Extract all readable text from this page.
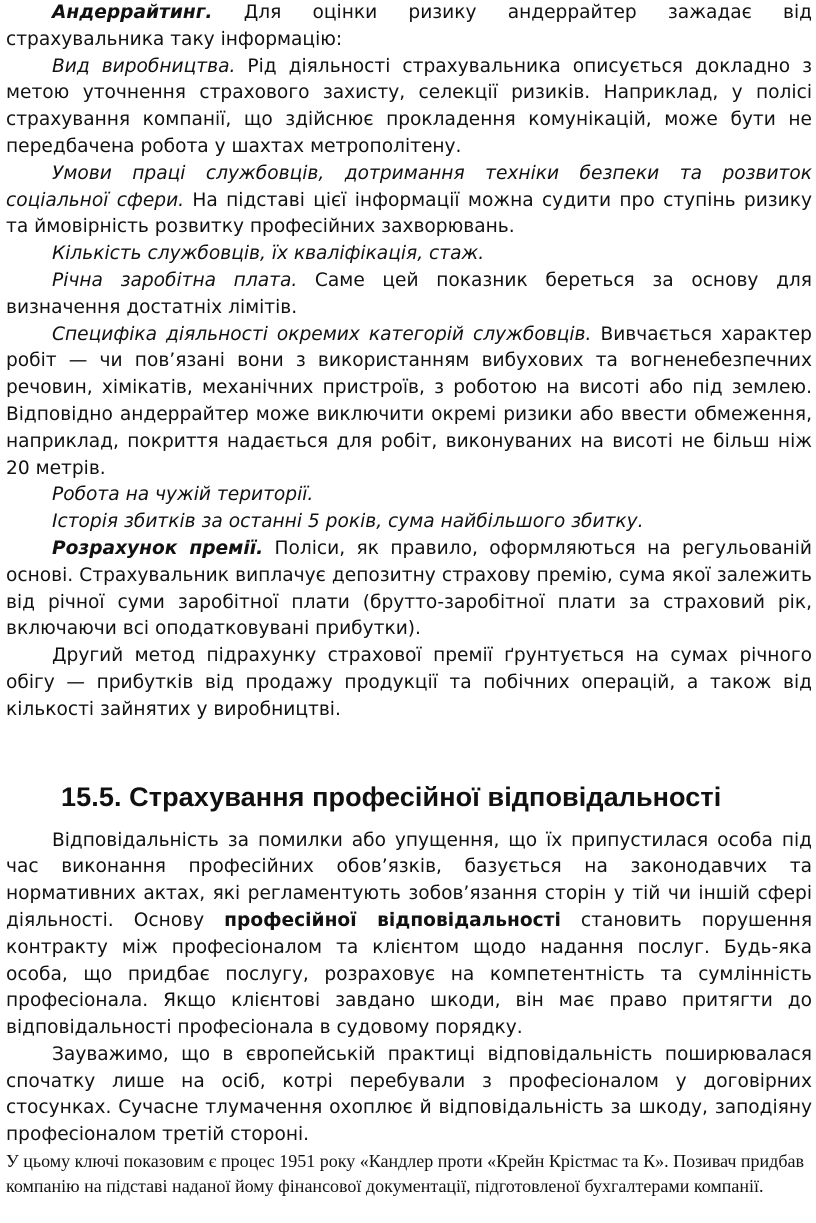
Андеррайтинг. Для оцінки ризику андеррайтер зажадає від страхувальника таку інформацію:

Вид виробництва. Рід діяльності страхувальника описується докладно з метою уточнення страхового захисту, селекції ризиків. Наприклад, у полісі страхування компанії, що здійснює прокладення комунікацій, може бути не передбачена робота у шахтах метрополітену.

Умови праці службовців, дотримання техніки безпеки та розвиток соціальної сфери. На підставі цієї інформації можна судити про ступінь ризику та ймовірність розвитку професійних захворювань.

Кількість службовців, їх кваліфікація, стаж.

Річна заробітна плата. Саме цей показник береться за основу для визначення достатніх лімітів.

Специфіка діяльності окремих категорій службовців. Вивчається характер робіт — чи пов’язані вони з використанням вибухових та вогненебезпечних речовин, хімікатів, механічних пристроїв, з роботою на висоті або під землею. Відповідно андеррайтер може виключити окремі ризики або ввести обмеження, наприклад, покриття надається для робіт, виконуваних на висоті не більш ніж 20 метрів.

Робота на чужій території.

Історія збитків за останні 5 років, сума найбільшого збитку.

Розрахунок премії. Поліси, як правило, оформляються на регульованій основі. Страхувальник виплачує депозитну страхову премію, сума якої залежить від річної суми заробітної плати (брутто-заробітної плати за страховий рік, включаючи всі оподатковувані прибутки).

Другий метод підрахунку страхової премії ґрунтується на сумах річного обігу — прибутків від продажу продукції та побічних операцій, а також від кількості зайнятих у виробництві.

15.5. Страхування професійної відповідальності

Відповідальність за помилки або упущення, що їх припустилася особа під час виконання професійних обов’язків, базується на законодавчих та нормативних актах, які регламентують зобов’язання сторін у тій чи іншій сфері діяльності. Основу професійної відповідальності становить порушення контракту між професіоналом та клієнтом щодо надання послуг. Будь-яка особа, що придбає послугу, розраховує на компетентність та сумлінність професіонала. Якщо клієнтові завдано шкоди, він має право притягти до відповідальності професіонала в судовому порядку.

Зауважимо, що в європейській практиці відповідальність поширювалася спочатку лише на осіб, котрі перебували з професіоналом у договірних стосунках. Сучасне тлумачення охоплює й відповідальність за шкоду, заподіяну професіоналом третій стороні.

У цьому ключі показовим є процес 1951 року «Кандлер проти «Крейн Крістмас та К». Позивач придбав компанію на підставі наданої йому фінансової документації, підготовленої бухгалтерами компанії.
